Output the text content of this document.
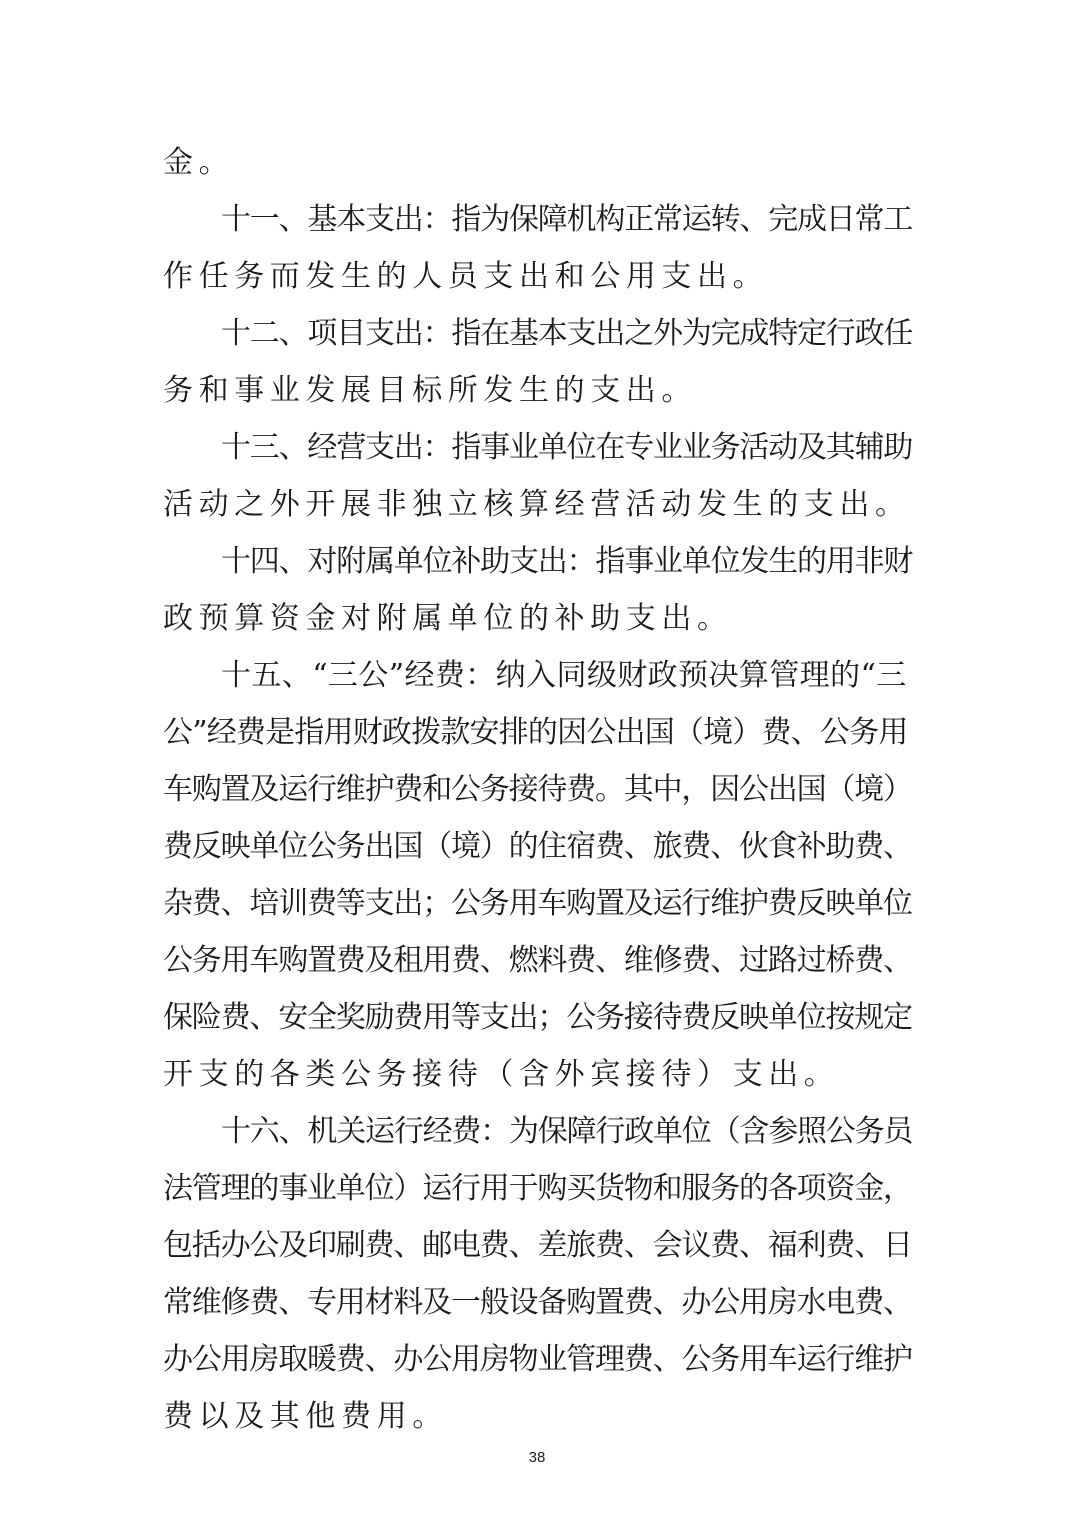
金。
十一、基本支出：指为保障机构正常运转、完成日常工
作任务而发生的人员支出和公用支出。
十二、项目支出：指在基本支出之外为完成特定行政任
务和事业发展目标所发生的支出。
十三、经营支出：指事业单位在专业业务活动及其辅助
活动之外开展非独立核算经营活动发生的支出。
十四、对附属单位补助支出：指事业单位发生的用非财
政预算资金对附属单位的补助支出。
十五、“三公”经费：纳入同级财政预决算管理的“三
公”经费是指用财政拨款安排的因公出国（境）费、公务用
车购置及运行维护费和公务接待费。其中，因公出国（境）
费反映单位公务出国（境）的住宿费、旅费、伙食补助费、
杂费、培训费等支出；公务用车购置及运行维护费反映单位
公务用车购置费及租用费、燃料费、维修费、过路过桥费、
保险费、安全奖励费用等支出；公务接待费反映单位按规定
开支的各类公务接待（含外宾接待）支出。
十六、机关运行经费：为保障行政单位（含参照公务员
法管理的事业单位）运行用于购买货物和服务的各项资金，
包括办公及印刷费、邮电费、差旅费、会议费、福利费、日
常维修费、专用材料及一般设备购置费、办公用房水电费、
办公用房取暖费、办公用房物业管理费、公务用车运行维护
费以及其他费用。
38
